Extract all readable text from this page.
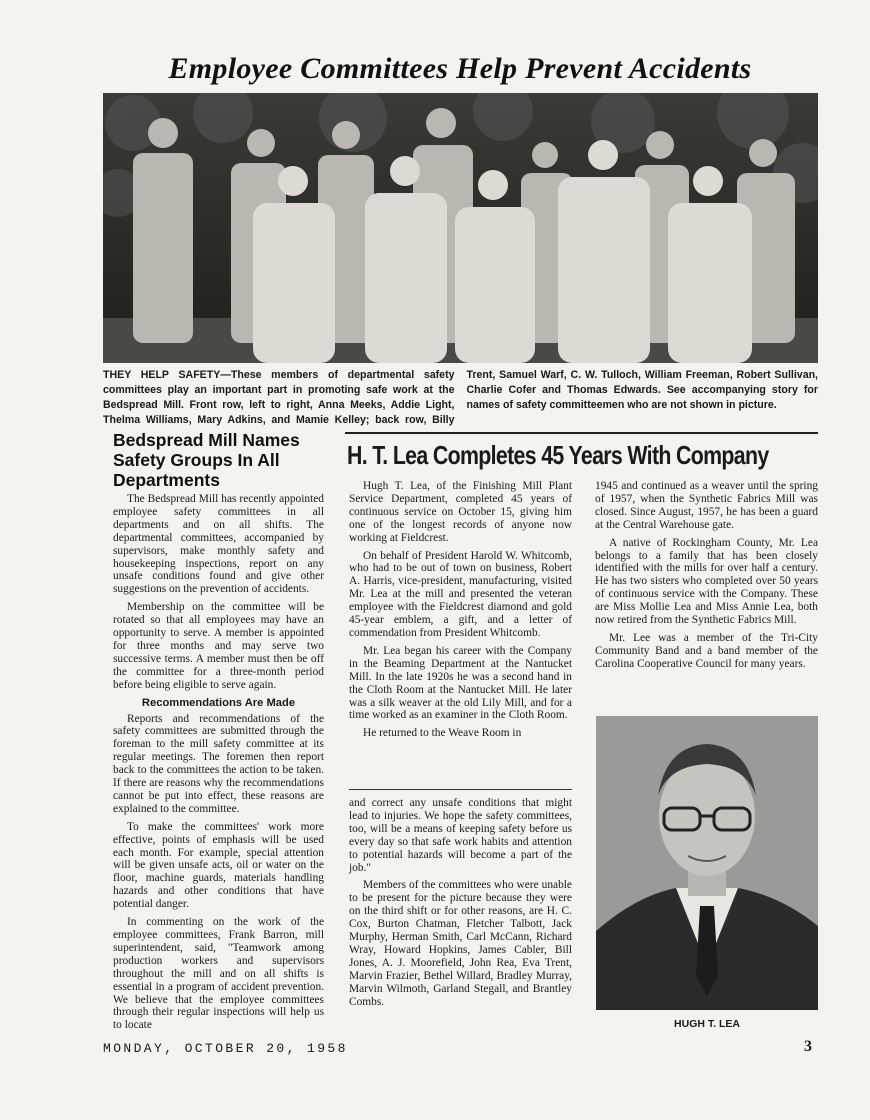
Employee Committees Help Prevent Accidents

THEY HELP SAFETY—These members of departmental safety committees play an important part in promoting safe work at the Bedspread Mill. Front row, left to right, Anna Meeks, Addie Light, Thelma Williams, Mary Adkins, and Mamie Kelley; back row, Billy Trent, Samuel Warf, C. W. Tulloch, William Freeman, Robert Sullivan, Charlie Cofer and Thomas Edwards. See accompanying story for names of safety committeemen who are not shown in picture.

Bedspread Mill Names Safety Groups In All Departments
H. T. Lea Completes 45 Years With Company

The Bedspread Mill has recently appointed employee safety committees in all departments and on all shifts. The departmental committees, accompanied by supervisors, make monthly safety and housekeeping inspections, report on any unsafe conditions found and give other suggestions on the prevention of accidents.

Membership on the committee will be rotated so that all employees may have an opportunity to serve. A member is appointed for three months and may serve two successive terms. A member must then be off the committee for a three-month period before being eligible to serve again.

Recommendations Are Made

Reports and recommendations of the safety committees are submitted through the foreman to the mill safety committee at its regular meetings. The foremen then report back to the committees the action to be taken. If there are reasons why the recommendations cannot be put into effect, these reasons are explained to the committee.

To make the committees' work more effective, points of emphasis will be used each month. For example, special attention will be given unsafe acts, oil or water on the floor, machine guards, materials handling hazards and other conditions that have potential danger.

In commenting on the work of the employee committees, Frank Barron, mill superintendent, said, "Teamwork among production workers and supervisors throughout the mill and on all shifts is essential in a program of accident prevention. We believe that the employee committees through their regular inspections will help us to locate

Hugh T. Lea, of the Finishing Mill Plant Service Department, completed 45 years of continuous service on October 15, giving him one of the longest records of anyone now working at Fieldcrest.

On behalf of President Harold W. Whitcomb, who had to be out of town on business, Robert A. Harris, vice-president, manufacturing, visited Mr. Lea at the mill and presented the veteran employee with the Fieldcrest diamond and gold 45-year emblem, a gift, and a letter of commendation from President Whitcomb.

Mr. Lea began his career with the Company in the Beaming Department at the Nantucket Mill. In the late 1920s he was a second hand in the Cloth Room at the Nantucket Mill. He later was a silk weaver at the old Lily Mill, and for a time worked as an examiner in the Cloth Room.

He returned to the Weave Room in

and correct any unsafe conditions that might lead to injuries. We hope the safety committees, too, will be a means of keeping safety before us every day so that safe work habits and attention to potential hazards will become a part of the job."

Members of the committees who were unable to be present for the picture because they were on the third shift or for other reasons, are H. C. Cox, Burton Chatman, Fletcher Talbott, Jack Murphy, Herman Smith, Carl McCann, Richard Wray, Howard Hopkins, James Cabler, Bill Jones, A. J. Moorefield, John Rea, Eva Trent, Marvin Frazier, Bethel Willard, Bradley Murray, Marvin Wilmoth, Garland Stegall, and Brantley Combs.

1945 and continued as a weaver until the spring of 1957, when the Synthetic Fabrics Mill was closed. Since August, 1957, he has been a guard at the Central Warehouse gate.

A native of Rockingham County, Mr. Lea belongs to a family that has been closely identified with the mills for over half a century. He has two sisters who completed over 50 years of continuous service with the Company. These are Miss Mollie Lea and Miss Annie Lea, both now retired from the Synthetic Fabrics Mill.

Mr. Lee was a member of the Tri-City Community Band and a band member of the Carolina Cooperative Council for many years.

HUGH T. LEA
MONDAY, OCTOBER 20, 1958	3
